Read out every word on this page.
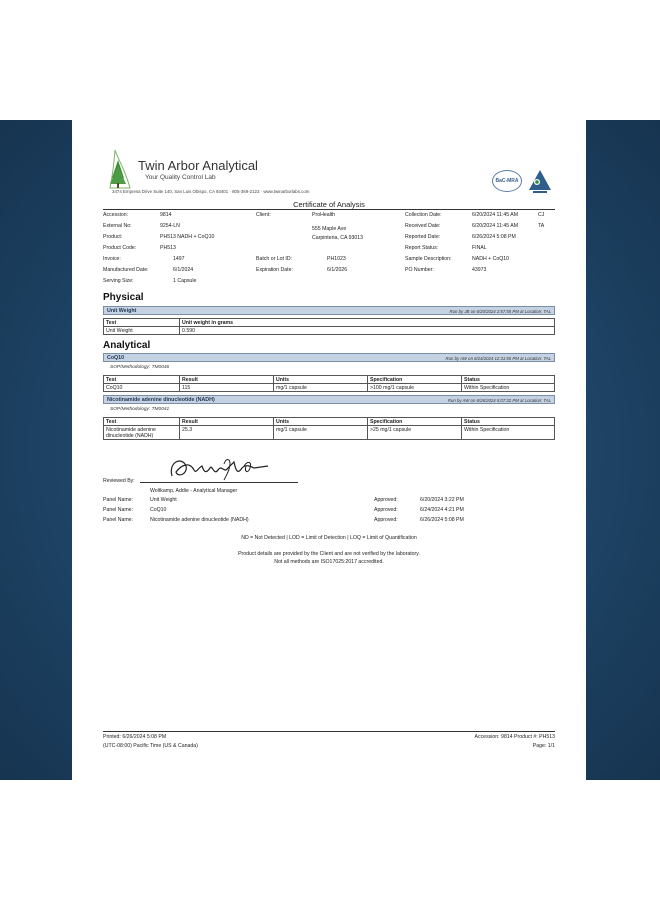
Twin Arbor Analytical
Your Quality Control Lab
3474 Empresa Drive Suite 140, San Luis Obispo, CA 93401 · 805-369-2123 · www.twinarborlabs.com
BaC-MRA
Certificate of Analysis
Accession:	9814
External No:	9254-LN
Product:	PH513 NADH + CoQ10
Product Code:	PH513
Invoice:	1497
Manufactured Date:	6/1/2024
Serving Size:	1 Capsule
Client:	ProHealth
555 Maple Ave
Carpinteria, CA 93013
Batch or Lot ID:	PH1023
Expiration Date:	6/1/2026
Collection Date:	6/20/2024 11:45 AM	CJ
Received Date:	6/20/2024 11:45 AM	TA
Reported Date:	6/26/2024 5:08 PM
Report Status:	FINAL
Sample Description:	NADH + CoQ10
PO Number:	43973
Physical
Unit Weight	Run by JB on 6/20/2024 2:57:55 PM at Location: TAL
Test	Unit weight in grams
Unit Weight	0.590
Analytical
CoQ10	Run by AW on 6/24/2024 12:31:55 PM at Location: TAL
SOP/Methodology: TM0046
Test	Result	Units	Specification	Status
CoQ10	115	mg/1 capsule	>100 mg/1 capsule	Within Specification
Nicotinamide adenine dinucleotide (NADH)	Run by AW on 6/26/2024 5:07:32 PM at Location: TAL
SOP/Methodology: TM0041
Test	Result	Units	Specification	Status
Nicotinamide adenine dinucleotide (NADH)	25.3	mg/1 capsule	>25 mg/1 capsule	Within Specification
Reviewed By:
Woltkamp, Addie - Analytical Manager
Panel Name:	Unit Weight	Approved:	6/20/2024 3:22 PM
Panel Name:	CoQ10	Approved:	6/24/2024 4:21 PM
Panel Name:	Nicotinamide adenine dinucleotide (NADH)	Approved:	6/26/2024 5:08 PM
ND = Not Detected | LOD = Limit of Detection | LOQ = Limit of Quantification
Product details are provided by the Client and are not verified by the laboratory.
Not all methods are ISO17025:2017 accredited.
Printed: 6/26/2024 5:08 PM
(UTC-08:00) Pacific Time (US & Canada)
Accession: 9814 Product #: PH513
Page: 1/1
